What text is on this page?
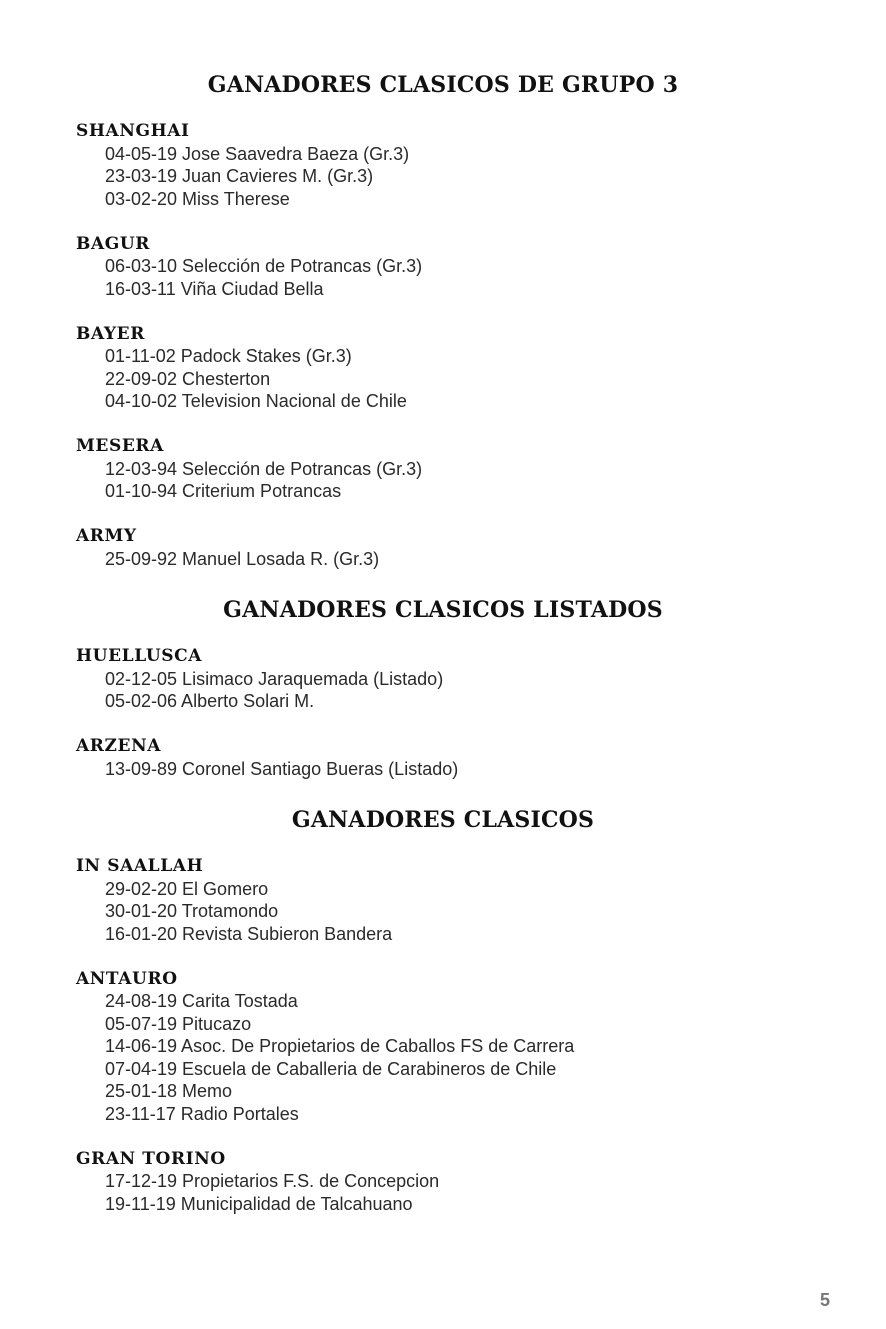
GANADORES CLASICOS DE GRUPO 3
SHANGHAI
04-05-19 Jose Saavedra Baeza (Gr.3)
23-03-19 Juan Cavieres M. (Gr.3)
03-02-20 Miss Therese
BAGUR
06-03-10 Selección de Potrancas (Gr.3)
16-03-11 Viña Ciudad Bella
BAYER
01-11-02 Padock Stakes (Gr.3)
22-09-02 Chesterton
04-10-02 Television Nacional de Chile
MESERA
12-03-94 Selección de Potrancas (Gr.3)
01-10-94 Criterium Potrancas
ARMY
25-09-92 Manuel Losada R. (Gr.3)
GANADORES CLASICOS LISTADOS
HUELLUSCA
02-12-05 Lisimaco Jaraquemada (Listado)
05-02-06 Alberto Solari M.
ARZENA
13-09-89 Coronel Santiago Bueras (Listado)
GANADORES CLASICOS
IN SAALLAH
29-02-20 El Gomero
30-01-20 Trotamondo
16-01-20 Revista Subieron Bandera
ANTAURO
24-08-19 Carita Tostada
05-07-19 Pitucazo
14-06-19 Asoc. De Propietarios de Caballos FS de Carrera
07-04-19 Escuela de Caballeria de Carabineros de Chile
25-01-18 Memo
23-11-17 Radio Portales
GRAN TORINO
17-12-19 Propietarios F.S. de Concepcion
19-11-19 Municipalidad de Talcahuano
5
